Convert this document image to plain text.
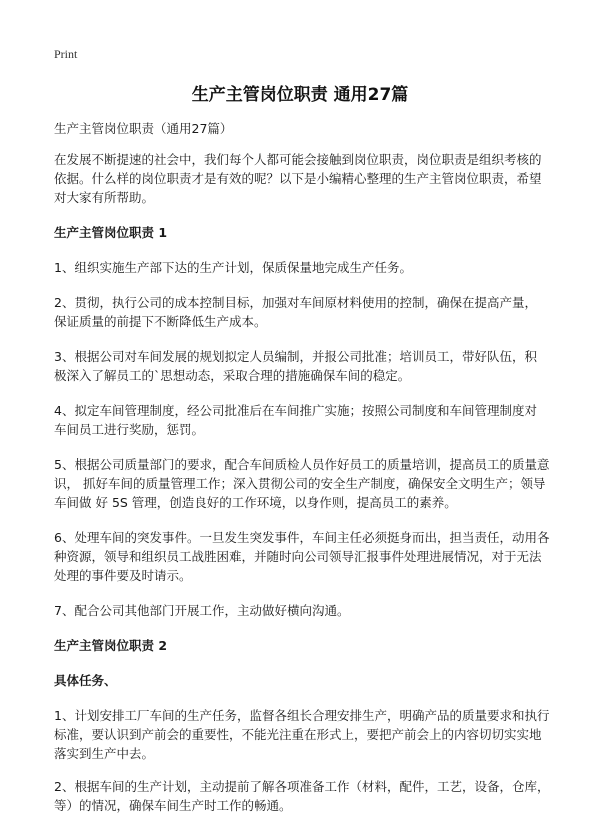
Print
生产主管岗位职责 通用27篇

生产主管岗位职责（通用27篇）

在发展不断提速的社会中，我们每个人都可能会接触到岗位职责，岗位职责是组织考核的依据。什么样的岗位职责才是有效的呢？以下是小编精心整理的生产主管岗位职责，希望对大家有所帮助。

生产主管岗位职责 1

1、组织实施生产部下达的生产计划，保质保量地完成生产任务。

2、贯彻，执行公司的成本控制目标，加强对车间原材料使用的控制，确保在提高产量， 保证质量的前提下不断降低生产成本。

3、根据公司对车间发展的规划拟定人员编制，并报公司批准；培训员工，带好队伍，积 极深入了解员工的`思想动态，采取合理的措施确保车间的稳定。

4、拟定车间管理制度，经公司批准后在车间推广实施；按照公司制度和车间管理制度对 车间员工进行奖励，惩罚。

5、根据公司质量部门的要求，配合车间质检人员作好员工的质量培训，提高员工的质量意识， 抓好车间的质量管理工作；深入贯彻公司的安全生产制度，确保安全文明生产；领导车间做 好 5S 管理，创造良好的工作环境，以身作则，提高员工的素养。

6、处理车间的突发事件。一旦发生突发事件，车间主任必须挺身而出，担当责任，动用各种资源，领导和组织员工战胜困难，并随时向公司领导汇报事件处理进展情况，对于无法 处理的事件要及时请示。

7、配合公司其他部门开展工作，主动做好横向沟通。

生产主管岗位职责 2

具体任务、

1、计划安排工厂车间的生产任务，监督各组长合理安排生产，明确产品的质量要求和执行标准，要认识到产前会的重要性，不能光注重在形式上，要把产前会上的内容切切实实地落实到生产中去。

2、根据车间的生产计划，主动提前了解各项准备工作（材料，配件，工艺，设备，仓库， 等）的情况，确保车间生产时工作的畅通。
